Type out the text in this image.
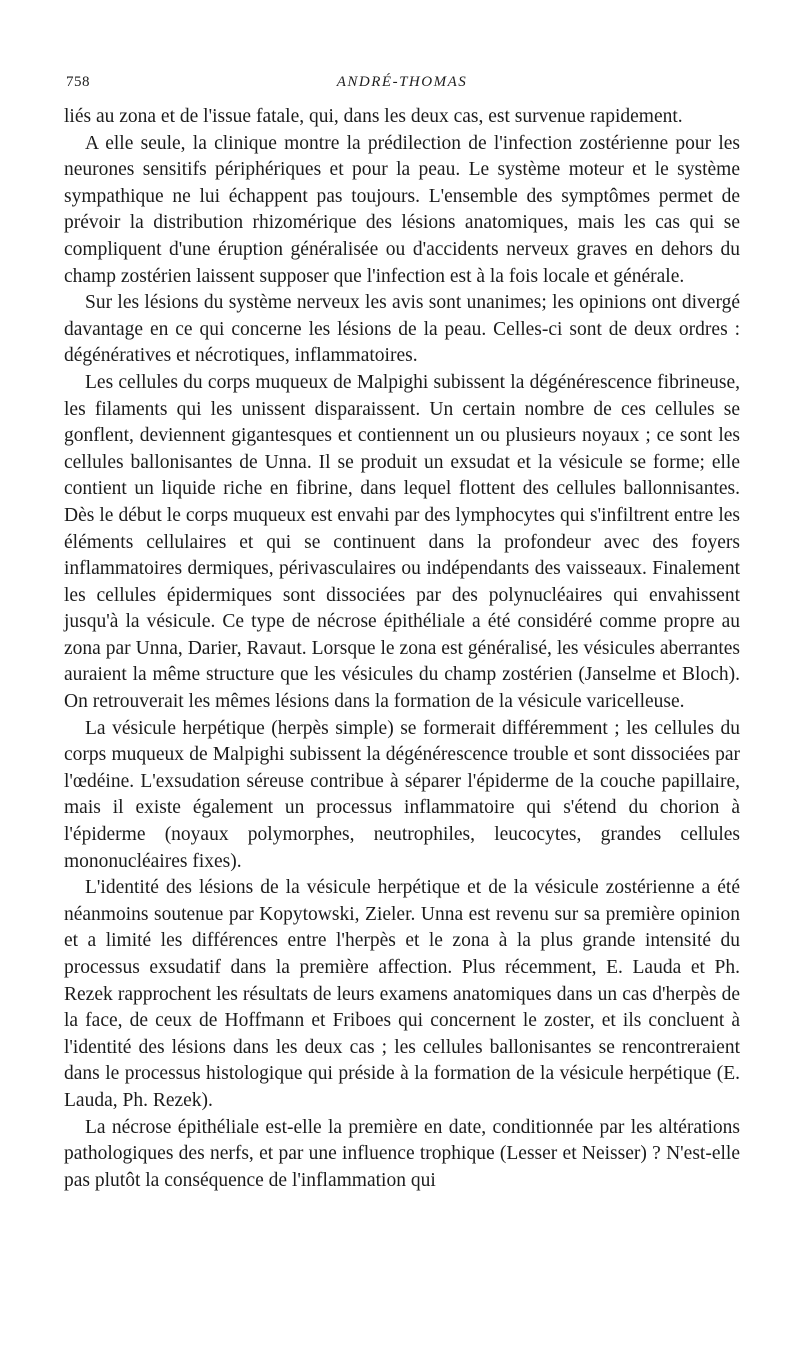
758	ANDRÉ-THOMAS

liés au zona et de l'issue fatale, qui, dans les deux cas, est survenue rapidement.

A elle seule, la clinique montre la prédilection de l'infection zostérienne pour les neurones sensitifs périphériques et pour la peau. Le système moteur et le système sympathique ne lui échappent pas toujours. L'ensemble des symptômes permet de prévoir la distribution rhizomérique des lésions anatomiques, mais les cas qui se compliquent d'une éruption généralisée ou d'accidents nerveux graves en dehors du champ zostérien laissent supposer que l'infection est à la fois locale et générale.

Sur les lésions du système nerveux les avis sont unanimes; les opinions ont divergé davantage en ce qui concerne les lésions de la peau. Celles-ci sont de deux ordres : dégénératives et nécrotiques, inflammatoires.

Les cellules du corps muqueux de Malpighi subissent la dégénérescence fibrineuse, les filaments qui les unissent disparaissent. Un certain nombre de ces cellules se gonflent, deviennent gigantesques et contiennent un ou plusieurs noyaux ; ce sont les cellules ballonisantes de Unna. Il se produit un exsudat et la vésicule se forme; elle contient un liquide riche en fibrine, dans lequel flottent des cellules ballonnisantes. Dès le début le corps muqueux est envahi par des lymphocytes qui s'infiltrent entre les éléments cellulaires et qui se continuent dans la profondeur avec des foyers inflammatoires dermiques, périvasculaires ou indépendants des vaisseaux. Finalement les cellules épidermiques sont dissociées par des polynucléaires qui envahissent jusqu'à la vésicule. Ce type de nécrose épithéliale a été considéré comme propre au zona par Unna, Darier, Ravaut. Lorsque le zona est généralisé, les vésicules aberrantes auraient la même structure que les vésicules du champ zostérien (Janselme et Bloch). On retrouverait les mêmes lésions dans la formation de la vésicule varicelleuse.

La vésicule herpétique (herpès simple) se formerait différemment ; les cellules du corps muqueux de Malpighi subissent la dégénérescence trouble et sont dissociées par l'œdéine. L'exsudation séreuse contribue à séparer l'épiderme de la couche papillaire, mais il existe également un processus inflammatoire qui s'étend du chorion à l'épiderme (noyaux polymorphes, neutrophiles, leucocytes, grandes cellules mononucléaires fixes).

L'identité des lésions de la vésicule herpétique et de la vésicule zostérienne a été néanmoins soutenue par Kopytowski, Zieler. Unna est revenu sur sa première opinion et a limité les différences entre l'herpès et le zona à la plus grande intensité du processus exsudatif dans la première affection. Plus récemment, E. Lauda et Ph. Rezek rapprochent les résultats de leurs examens anatomiques dans un cas d'herpès de la face, de ceux de Hoffmann et Friboes qui concernent le zoster, et ils concluent à l'identité des lésions dans les deux cas ; les cellules ballonisantes se rencontreraient dans le processus histologique qui préside à la formation de la vésicule herpétique (E. Lauda, Ph. Rezek).

La nécrose épithéliale est-elle la première en date, conditionnée par les altérations pathologiques des nerfs, et par une influence trophique (Lesser et Neisser) ? N'est-elle pas plutôt la conséquence de l'inflammation qui
